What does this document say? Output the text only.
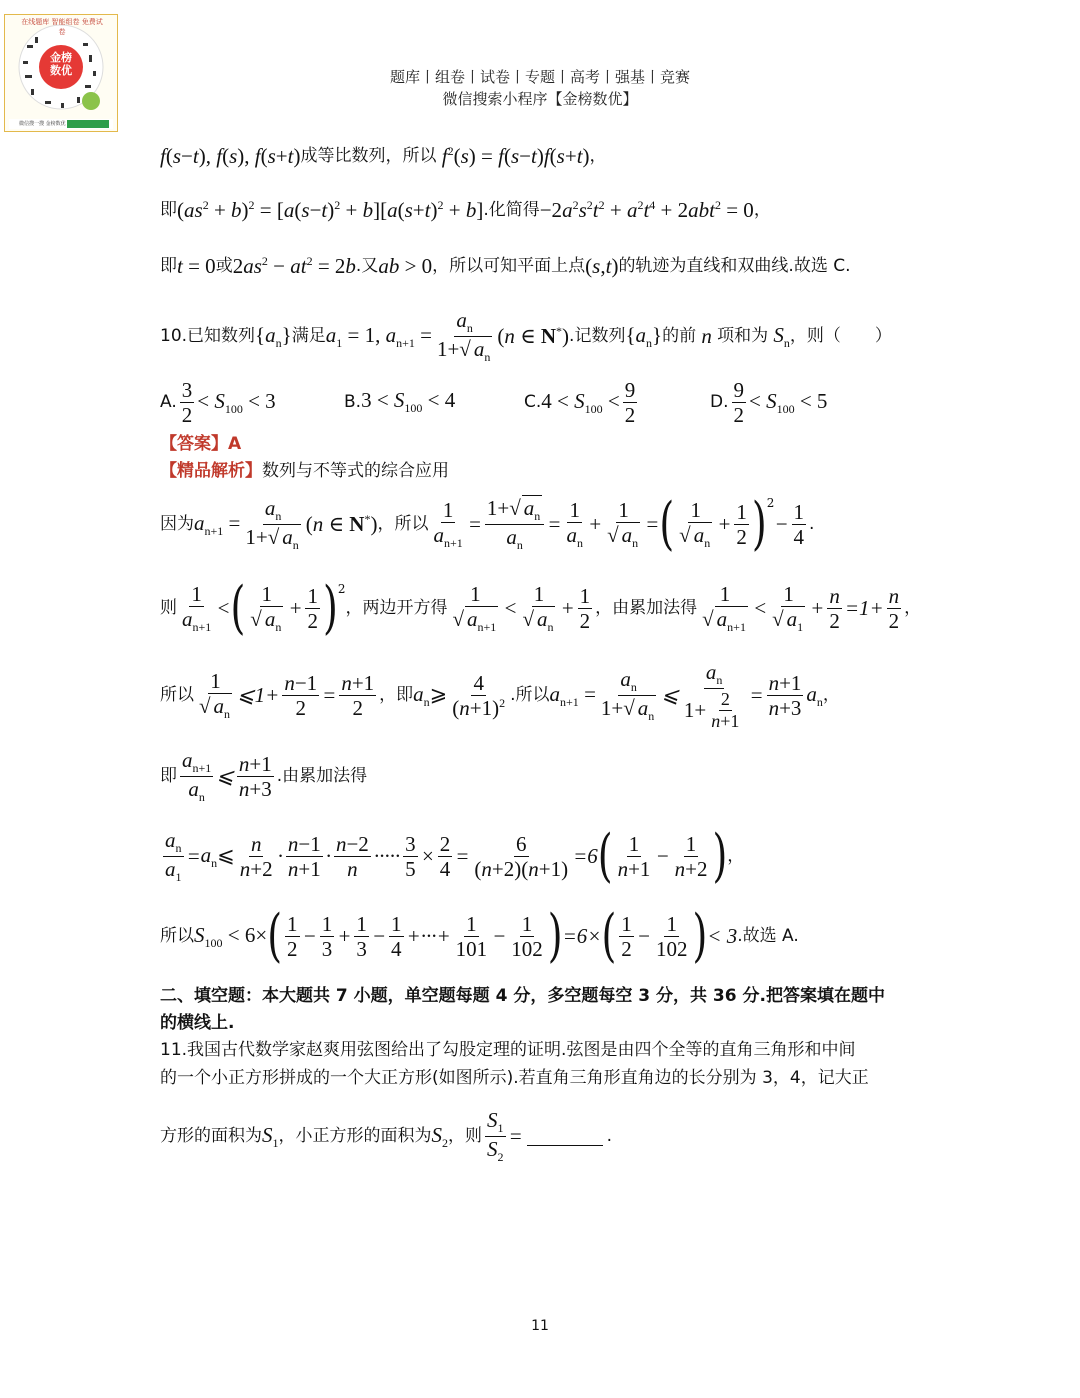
金榜
数优
在线题库 智能组卷 免费试卷
微信搜一搜 金榜数优
题库丨组卷丨试卷丨专题丨高考丨强基丨竞赛
微信搜索小程序【金榜数优】
f (s−t), f(s), f(s+t) 成等比数列，所以 $f^2(s) = f(s-t)f(s+t)$ ，
即 $(as^2 + b)^2 = [a(s-t)^2 + b][a(s+t)^2 + b]$ .化简得 $-2a^2s^2t^2 + a^2t^4 + 2abt^2 = 0$ ，
即 t = 0 或 $2as^2 - at^2 = 2b$ .又 ab > 0 ，所以可知平面上点 (s,t) 的轨迹为直线和双曲线.故选 C.
10.已知数列 $\{a_n\}$ 满足 $a_1 = 1$, $a_{n+1} = \frac{a_n}{1+√ a_n} (n$ ∈ N*) .记数列 $\{a_n\}$ 的前 n 项和为 $S_n$ ，则（　　）
A. $\frac{3}{2} < S_{100} < 3$	B. $3 < S_{100} < 4$	C. $4 < S_{100} < \frac{9}{2}$	D. $\frac{9}{2} < S_{100} < 5$
【答案】A
【精品解析】 数列与不等式的综合应用
因为 $a_{n+1} = \frac{a_n}{1+√ a_n} (n$ ∈ N*) ，所以 $\frac{1}{a_{n+1}} = \frac{1+√ a_n}{a_n} = \frac{1}{a_n} + \frac{1}{√ a_n}$ = ( $\frac{1}{√ a_n} + \frac{1}{2} )^2$
− $\frac{1}{4}$ .
则 $\frac{1}{a_{n+1}}$ < ( $\frac{1}{√ a_n} + \frac{1}{2} )^2$
，两边开方得 $\frac{1}{√ a_{n+1}} < \frac{1}{√ a_n} + \frac{1}{2}$ ，由累加法得 $\frac{1}{√ a_{n+1}} < \frac{1}{√ a_1} + \frac{n}{2} =1+ \frac{n}{2}$ ，
所以 $\frac{1}{√ a_n}$ ⩽1+ $\frac{n-1}{2} = \frac{n+1}{2}$ ，即 $a_n⩾ \frac{4}{(n+1)^2}$ .所以 $a_{n+1} = \frac{a_n}{1+√ a_n}$ ⩽ $\frac{a_n}{1+ \frac{2}{n+1}} = \frac{n+1}{n+3} a_n$ ，
即 $\frac{a_{n+1}}{a_n}$ ⩽ $\frac{n+1}{n+3}$ .由累加法得
$\frac{a_n}{a_1}$ = $a_n⩽ \frac{n}{n+2} \cdot \frac{n-1}{n+1} \cdot \frac{n-2}{n}$ ····· $\frac{3}{5} \times \frac{2}{4} = \frac{6}{(n+2)(n+1)} =6$ ( $\frac{1}{n+1} - \frac{1}{n+2}$ ) ，
所以 $S_{100} < 6\times$ ( $\frac{1}{2} - \frac{1}{3} + \frac{1}{3} - \frac{1}{4}$ +···+ $\frac{1}{101} - \frac{1}{102}$ ) =6× ( $\frac{1}{2} - \frac{1}{102}$ ) < 3 .故选 A.
二、填空题：本大题共 7 小题，单空题每题 4 分，多空题每空 3 分，共 36 分.把答案填在题中
的横线上.
11.我国古代数学家赵爽用弦图给出了勾股定理的证明.弦图是由四个全等的直角三角形和中间
的一个小正方形拼成的一个大正方形(如图所示).若直角三角形直角边的长分别为 3，4，记大正
方形的面积为 $S_1$ ，小正方形的面积为 $S_2$ ，则 $\frac{S_1}{S_2}$ =	.
11
